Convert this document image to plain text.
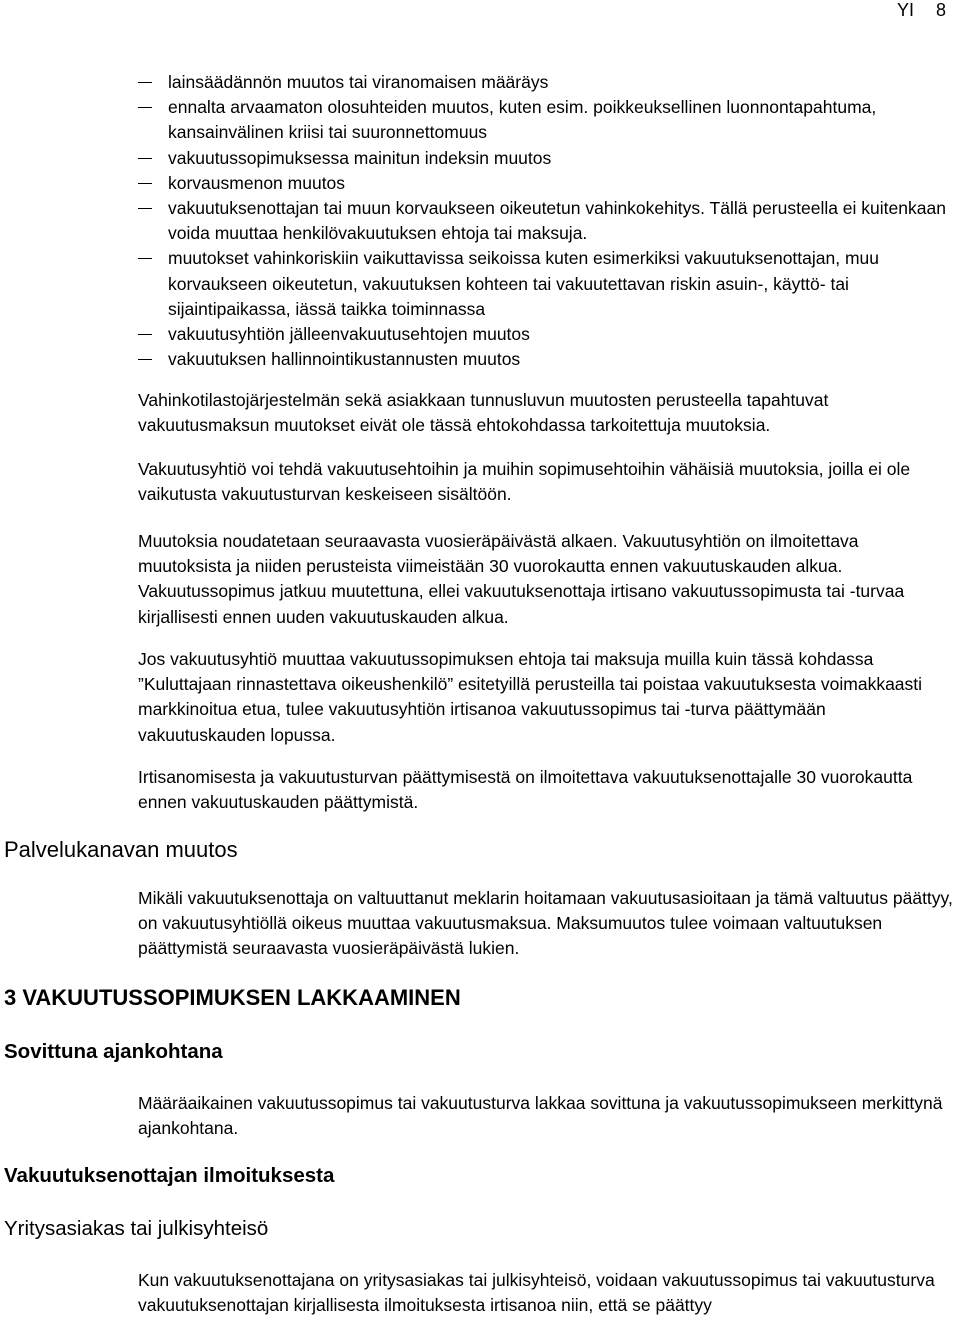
YI 8
lainsäädännön muutos tai viranomaisen määräys
ennalta arvaamaton olosuhteiden muutos, kuten esim. poikkeuksellinen luonnontapahtuma, kansainvälinen kriisi tai suuronnettomuus
vakuutussopimuksessa mainitun indeksin muutos
korvausmenon muutos
vakuutuksenottajan tai muun korvaukseen oikeutetun vahinkokehitys. Tällä perusteella ei kuitenkaan voida muuttaa henkilövakuutuksen ehtoja tai maksuja.
muutokset vahinkoriskiin vaikuttavissa seikoissa kuten esimerkiksi vakuutuksenottajan, muu korvaukseen oikeutetun, vakuutuksen kohteen tai vakuutettavan riskin asuin-, käyttö- tai sijaintipaikassa, iässä taikka toiminnassa
vakuutusyhtiön jälleenvakuutusehtojen muutos
vakuutuksen hallinnointikustannusten muutos

Vahinkotilastojärjestelmän sekä asiakkaan tunnusluvun muutosten perusteella tapahtuvat vakuutusmaksun muutokset eivät ole tässä ehtokohdassa tarkoitettuja muutoksia.

Vakuutusyhtiö voi tehdä vakuutusehtoihin ja muihin sopimusehtoihin vähäisiä muutoksia, joilla ei ole vaikutusta vakuutusturvan keskeiseen sisältöön.

Muutoksia noudatetaan seuraavasta vuosieräpäivästä alkaen. Vakuutusyhtiön on ilmoitettava muutoksista ja niiden perusteista viimeistään 30 vuorokautta ennen vakuutuskauden alkua. Vakuutussopimus jatkuu muutettuna, ellei vakuutuksenottaja irtisano vakuutussopimusta tai -turvaa kirjallisesti ennen uuden vakuutuskauden alkua.

Jos vakuutusyhtiö muuttaa vakuutussopimuksen ehtoja tai maksuja muilla kuin tässä kohdassa ”Kuluttajaan rinnastettava oikeushenkilö” esitetyillä perusteilla tai poistaa vakuutuksesta voimakkaasti markkinoitua etua, tulee vakuutusyhtiön irtisanoa vakuutussopimus tai -turva päättymään vakuutuskauden lopussa.

Irtisanomisesta ja vakuutusturvan päättymisestä on ilmoitettava vakuutuksenottajalle 30 vuorokautta ennen vakuutuskauden päättymistä.

Palvelukanavan muutos

Mikäli vakuutuksenottaja on valtuuttanut meklarin hoitamaan vakuutusasioitaan ja tämä valtuutus päättyy, on vakuutusyhtiöllä oikeus muuttaa vakuutusmaksua. Maksumuutos tulee voimaan valtuutuksen päättymistä seuraavasta vuosieräpäivästä lukien.

3 VAKUUTUSSOPIMUKSEN LAKKAAMINEN
Sovittuna ajankohtana

Määräaikainen vakuutussopimus tai vakuutusturva lakkaa sovittuna ja vakuutussopimukseen merkittynä ajankohtana.

Vakuutuksenottajan ilmoituksesta
Yritysasiakas tai julkisyhteisö

Kun vakuutuksenottajana on yritysasiakas tai julkisyhteisö, voidaan vakuutussopimus tai vakuutusturva vakuutuksenottajan kirjallisesta ilmoituksesta irtisanoa niin, että se päättyy
